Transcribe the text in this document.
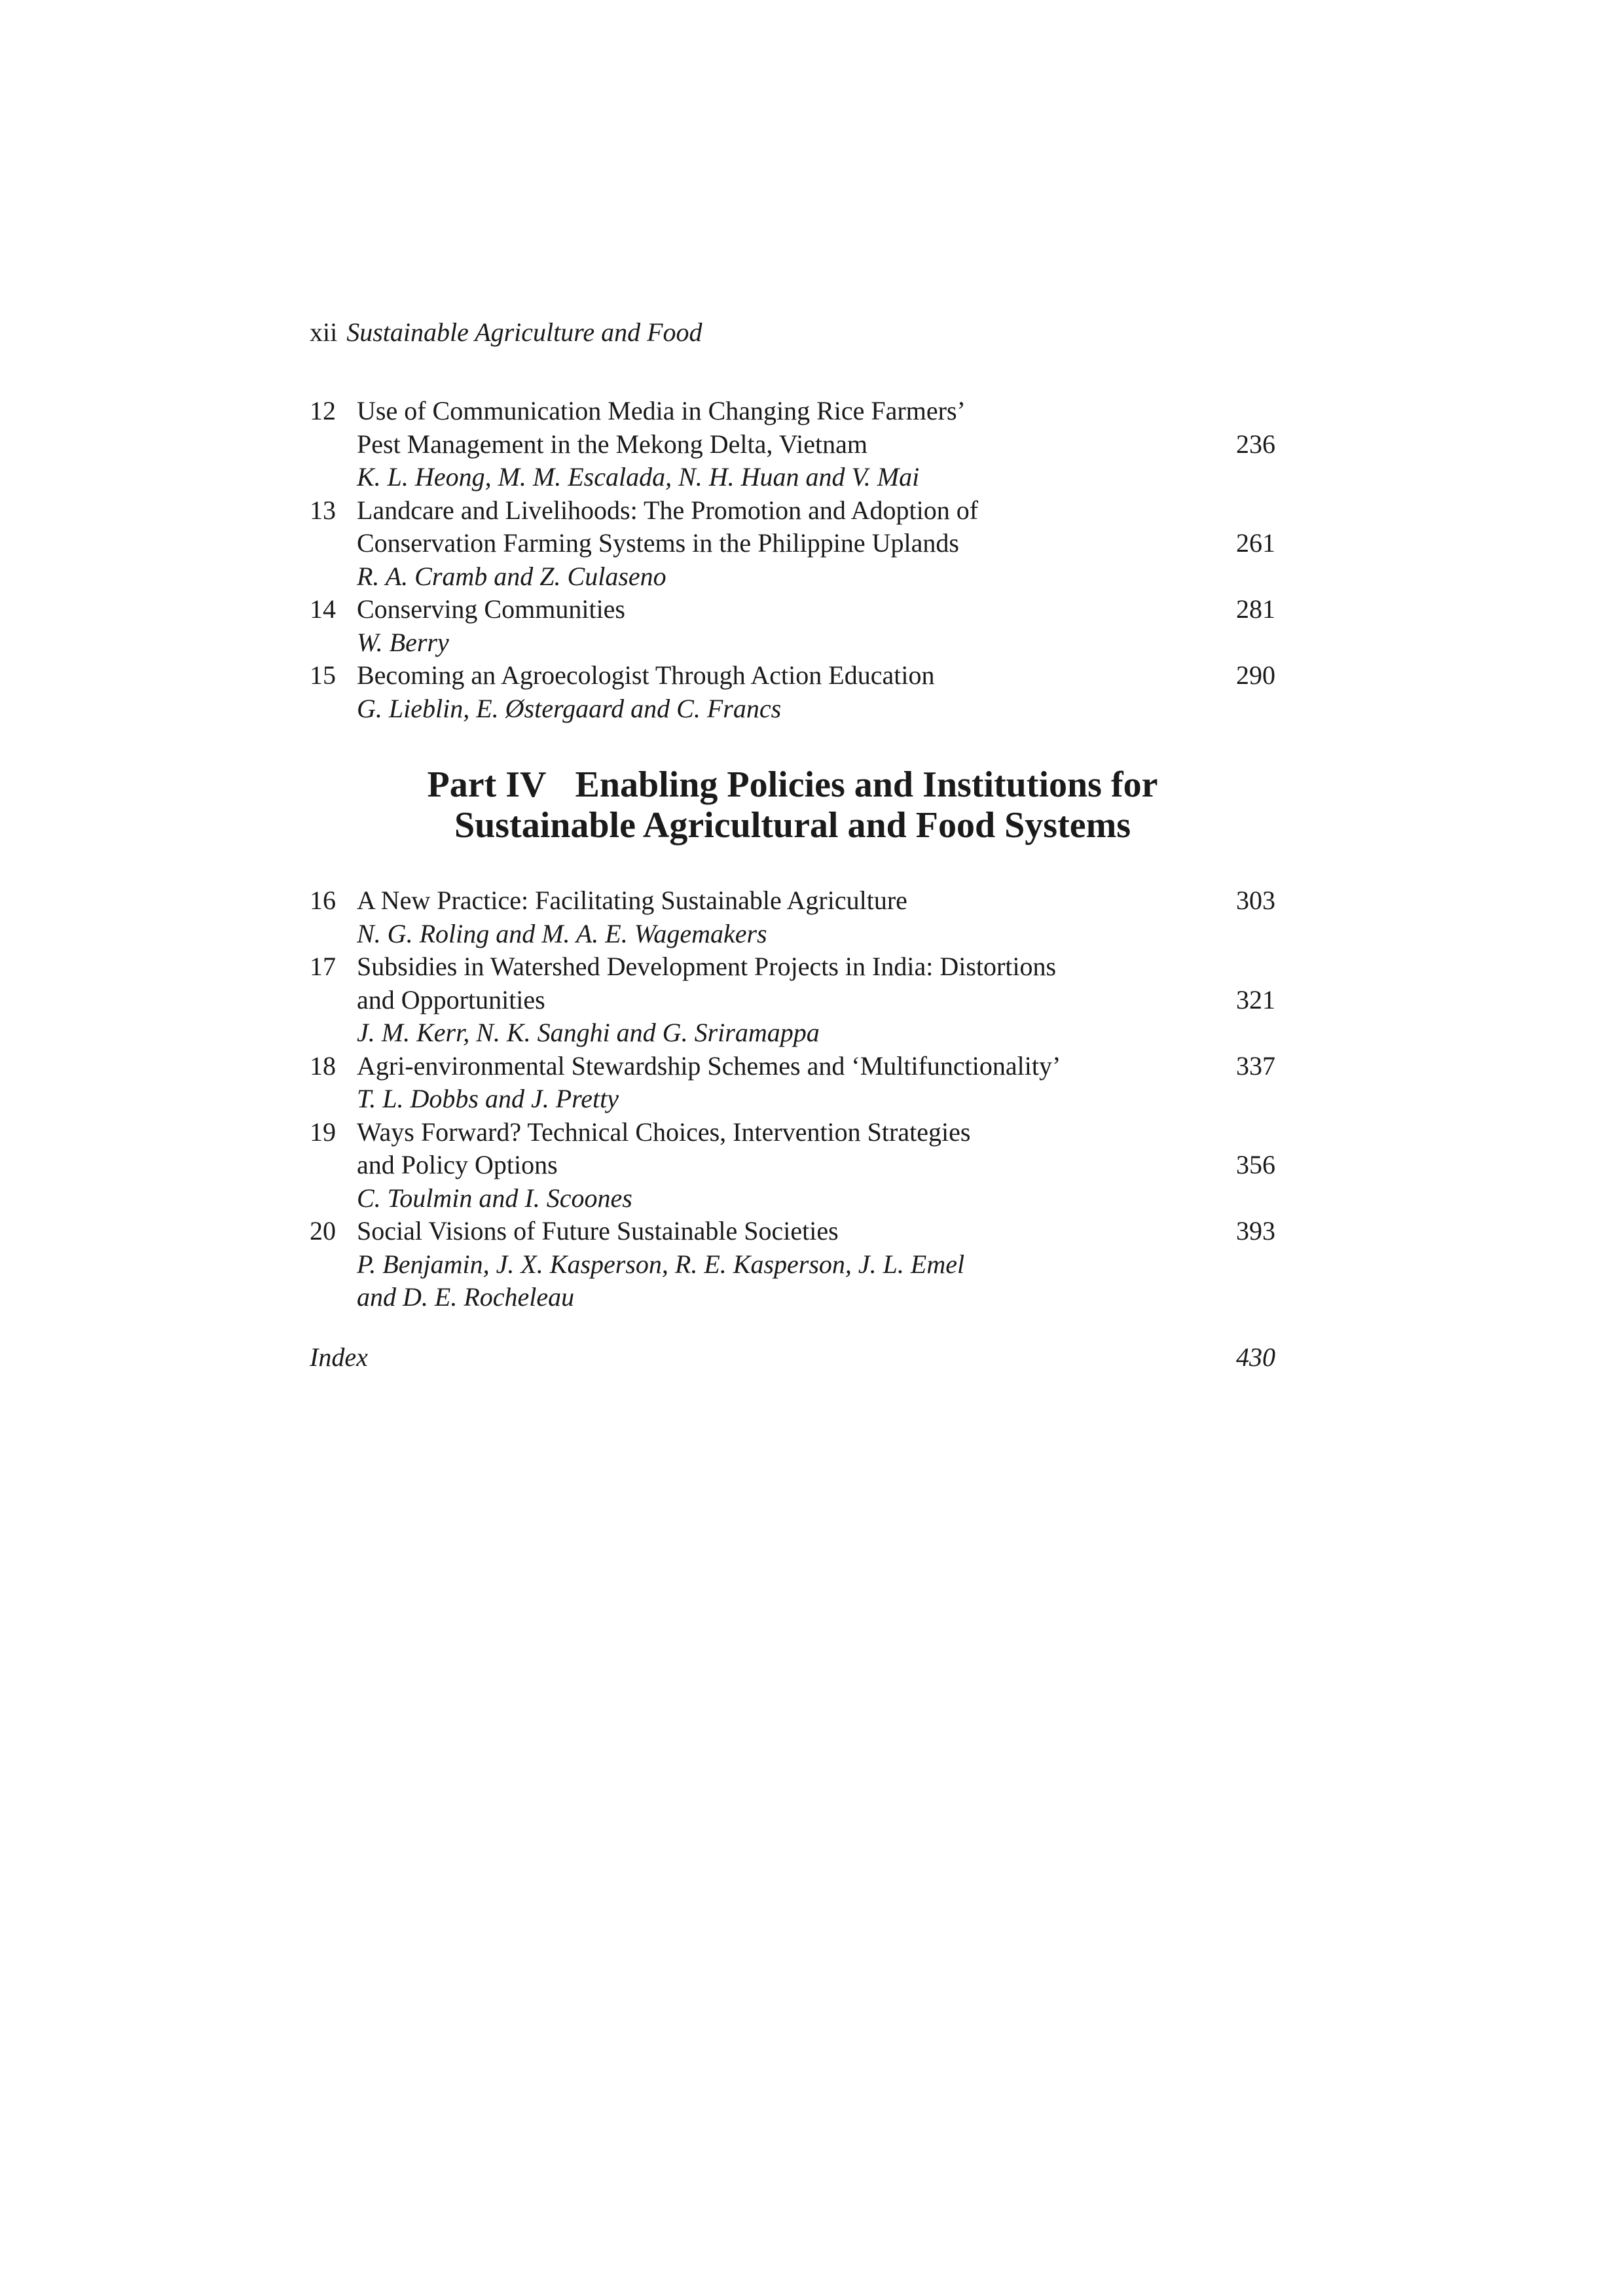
xii Sustainable Agriculture and Food
12 Use of Communication Media in Changing Rice Farmers’
Pest Management in the Mekong Delta, Vietnam	236
K. L. Heong, M. M. Escalada, N. H. Huan and V. Mai
13 Landcare and Livelihoods: The Promotion and Adoption of
Conservation Farming Systems in the Philippine Uplands	261
R. A. Cramb and Z. Culaseno
14 Conserving Communities	281
W. Berry
15 Becoming an Agroecologist Through Action Education	290
G. Lieblin, E. Østergaard and C. Francs
Part IV Enabling Policies and Institutions for
Sustainable Agricultural and Food Systems
16 A New Practice: Facilitating Sustainable Agriculture	303
N. G. Roling and M. A. E. Wagemakers
17 Subsidies in Watershed Development Projects in India: Distortions
and Opportunities	321
J. M. Kerr, N. K. Sanghi and G. Sriramappa
18 Agri-environmental Stewardship Schemes and ‘Multifunctionality’	337
T. L. Dobbs and J. Pretty
19 Ways Forward? Technical Choices, Intervention Strategies
and Policy Options	356
C. Toulmin and I. Scoones
20 Social Visions of Future Sustainable Societies	393
P. Benjamin, J. X. Kasperson, R. E. Kasperson, J. L. Emel
and D. E. Rocheleau
Index	430
